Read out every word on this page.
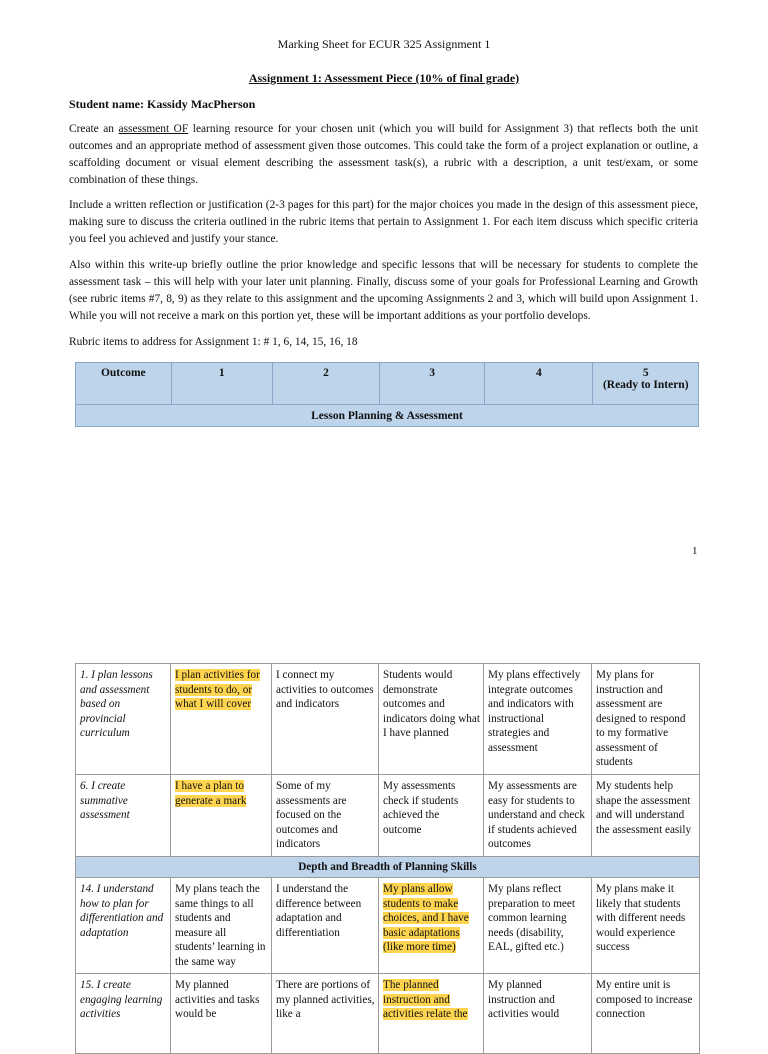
Marking Sheet for ECUR 325 Assignment 1
Assignment 1: Assessment Piece (10% of final grade)
Student name: Kassidy MacPherson
Create an assessment OF learning resource for your chosen unit (which you will build for Assignment 3) that reflects both the unit outcomes and an appropriate method of assessment given those outcomes. This could take the form of a project explanation or outline, a scaffolding document or visual element describing the assessment task(s), a rubric with a description, a unit test/exam, or some combination of these things.
Include a written reflection or justification (2-3 pages for this part) for the major choices you made in the design of this assessment piece, making sure to discuss the criteria outlined in the rubric items that pertain to Assignment 1. For each item discuss which specific criteria you feel you achieved and justify your stance.
Also within this write-up briefly outline the prior knowledge and specific lessons that will be necessary for students to complete the assessment task – this will help with your later unit planning. Finally, discuss some of your goals for Professional Learning and Growth (see rubric items #7, 8, 9) as they relate to this assignment and the upcoming Assignments 2 and 3, which will build upon Assignment 1. While you will not receive a mark on this portion yet, these will be important additions as your portfolio develops.
Rubric items to address for Assignment 1: # 1, 6, 14, 15, 16, 18
Outcome	1	2	3	4	5
(Ready to Intern)
Lesson Planning & Assessment
1
1. I plan lessons and assessment based on provincial curriculum	I plan activities for students to do, or what I will cover	I connect my activities to outcomes and indicators	Students would demonstrate outcomes and indicators doing what I have planned	My plans effectively integrate outcomes and indicators with instructional strategies and assessment	My plans for instruction and assessment are designed to respond to my formative assessment of students
6. I create summative assessment	I have a plan to generate a mark	Some of my assessments are focused on the outcomes and indicators	My assessments check if students achieved the outcome	My assessments are easy for students to understand and check if students achieved outcomes	My students help shape the assessment and will understand the assessment easily
Depth and Breadth of Planning Skills					
14. I understand how to plan for differentiation and adaptation	My plans teach the same things to all students and measure all students’ learning in the same way	I understand the difference between adaptation and differentiation	My plans allow students to make choices, and I have basic adaptations (like more time)	My plans reflect preparation to meet common learning needs (disability, EAL, gifted etc.)	My plans make it likely that students with different needs would experience success
15. I create engaging learning activities	My planned activities and tasks would be	There are portions of my planned activities, like a	The planned instruction and activities relate the	My planned instruction and activities would	My entire unit is composed to increase connection
